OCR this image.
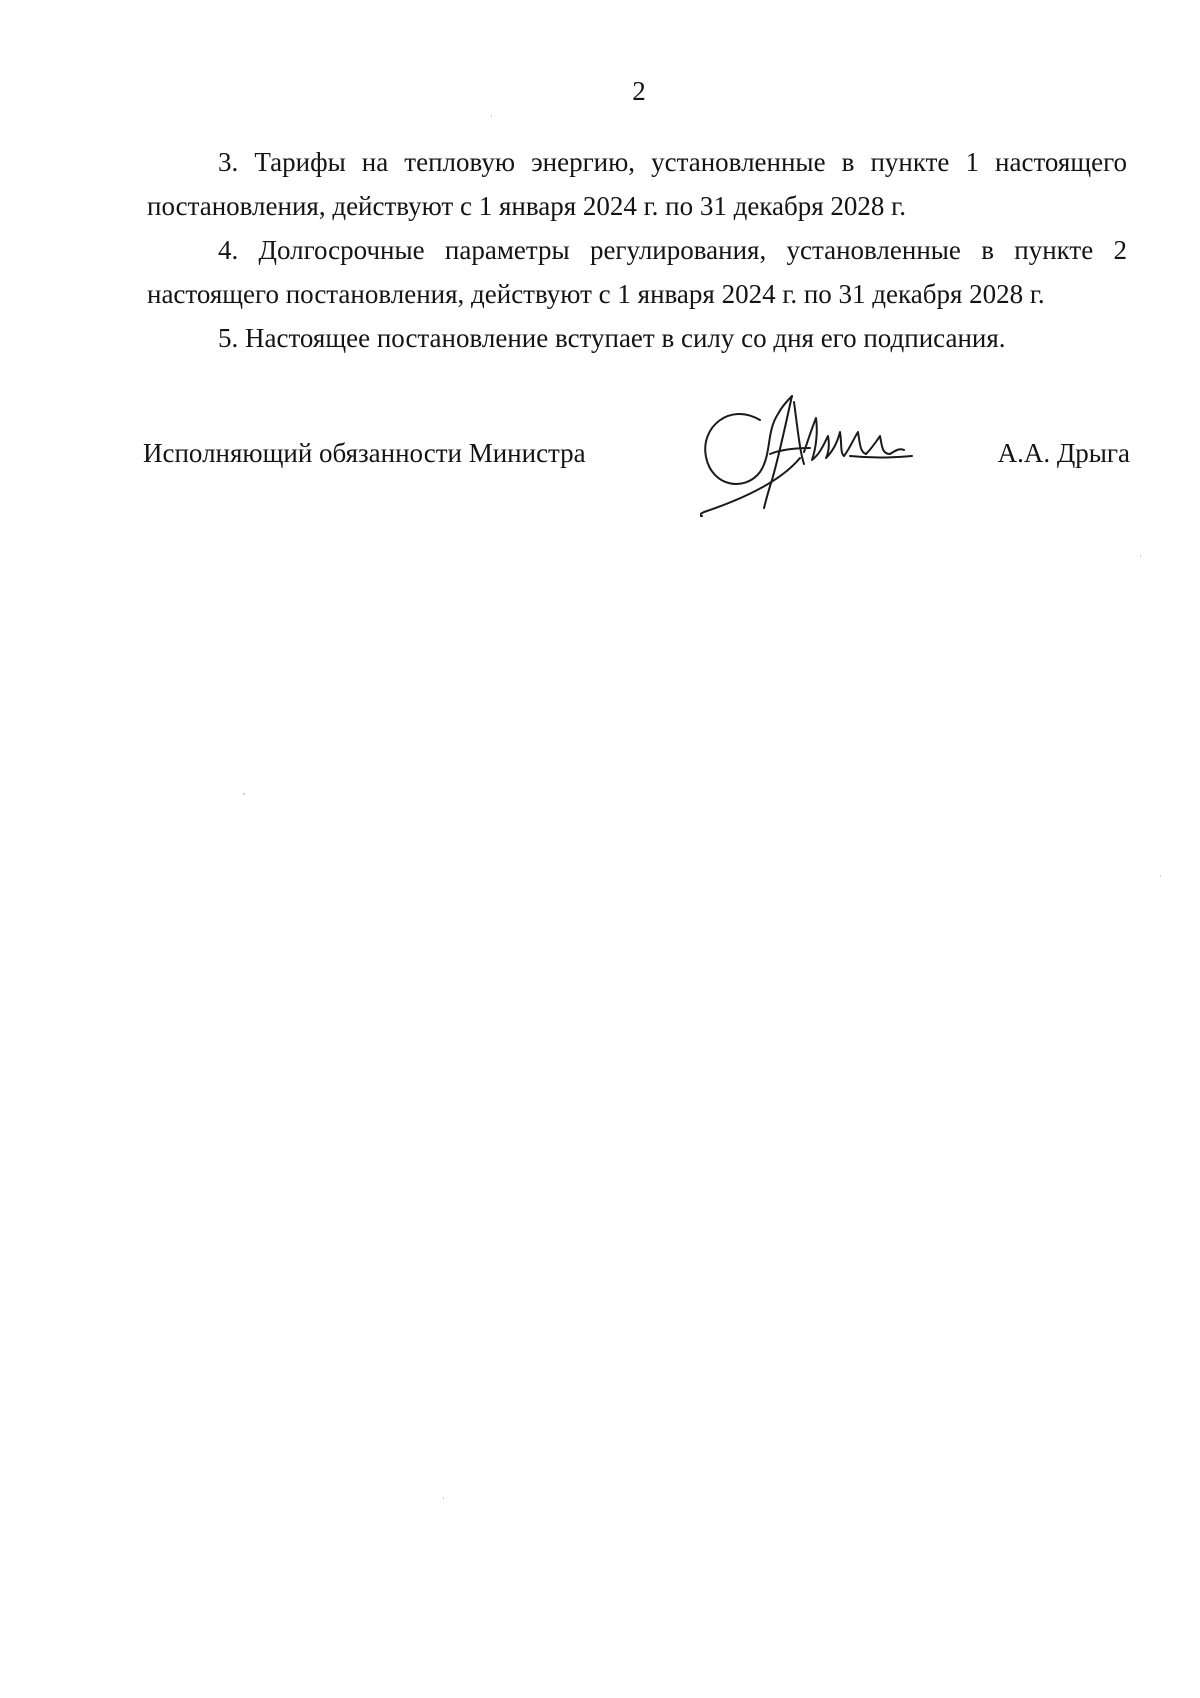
2

3. Тарифы на тепловую энергию, установленные в пункте 1 настоящего постановления, действуют с 1 января 2024 г. по 31 декабря 2028 г.

4. Долгосрочные параметры регулирования, установленные в пункте 2 настоящего постановления, действуют с 1 января 2024 г. по 31 декабря 2028 г.

5. Настоящее постановление вступает в силу со дня его подписания.

Исполняющий обязанности Министра	А.А. Дрыга
